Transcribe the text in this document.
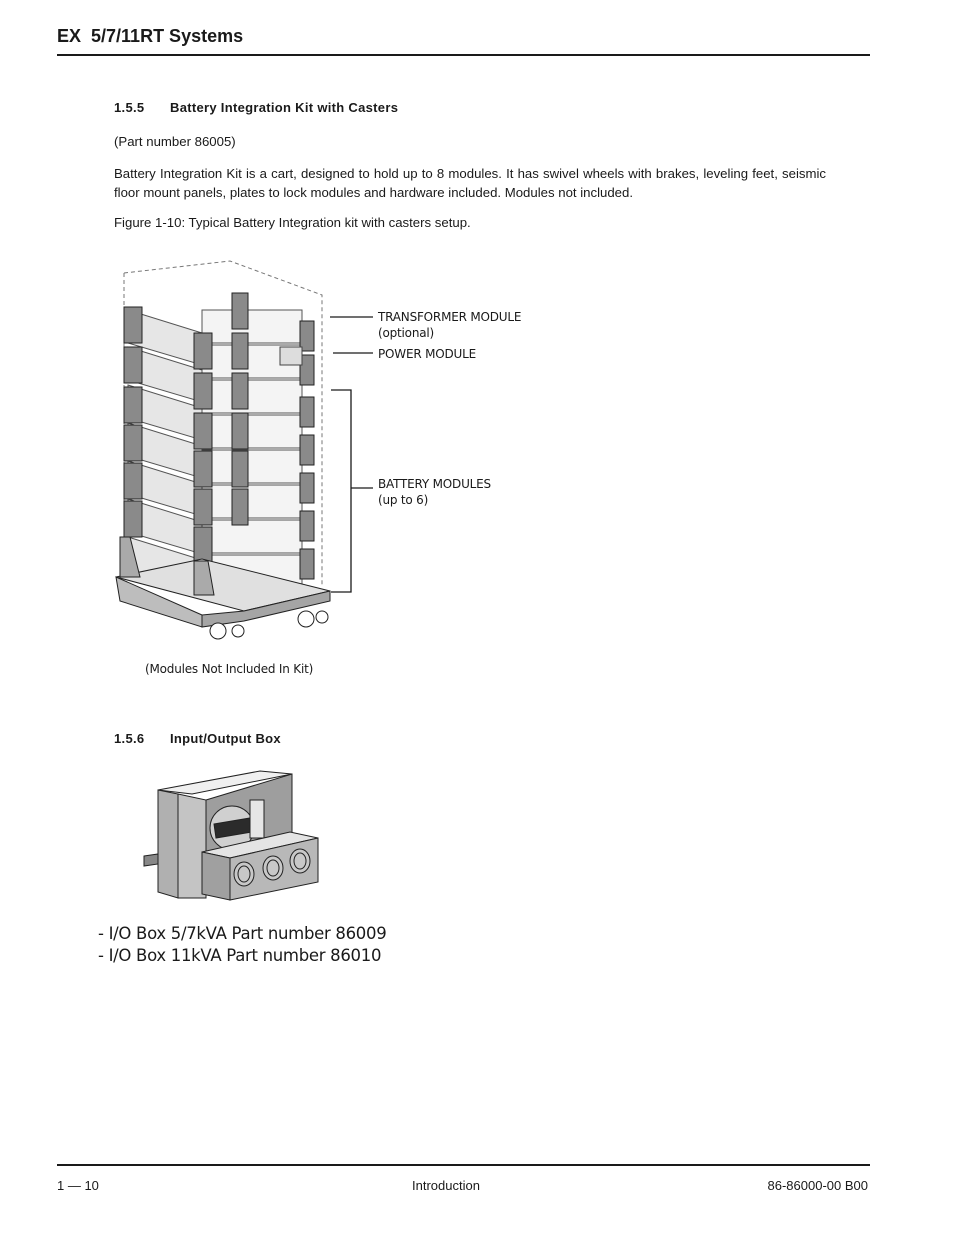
EX  5/7/11RT Systems
1.5.5 Battery Integration Kit with Casters
(Part number 86005)
Battery Integration Kit is a cart, designed to hold up to 8 modules. It has swivel wheels with brakes, leveling feet, seismic floor mount panels, plates to lock modules and hardware included. Modules not included.
Figure 1-10: Typical Battery Integration kit with casters setup.
TRANSFORMER MODULE
(optional)
POWER MODULE
BATTERY MODULES
(up to 6)
(Modules Not Included In Kit)
1.5.6 Input/Output Box
- I/O Box 5/7kVA Part number 86009
- I/O Box 11kVA Part number 86010
1 — 10	Introduction	86-86000-00 B00
